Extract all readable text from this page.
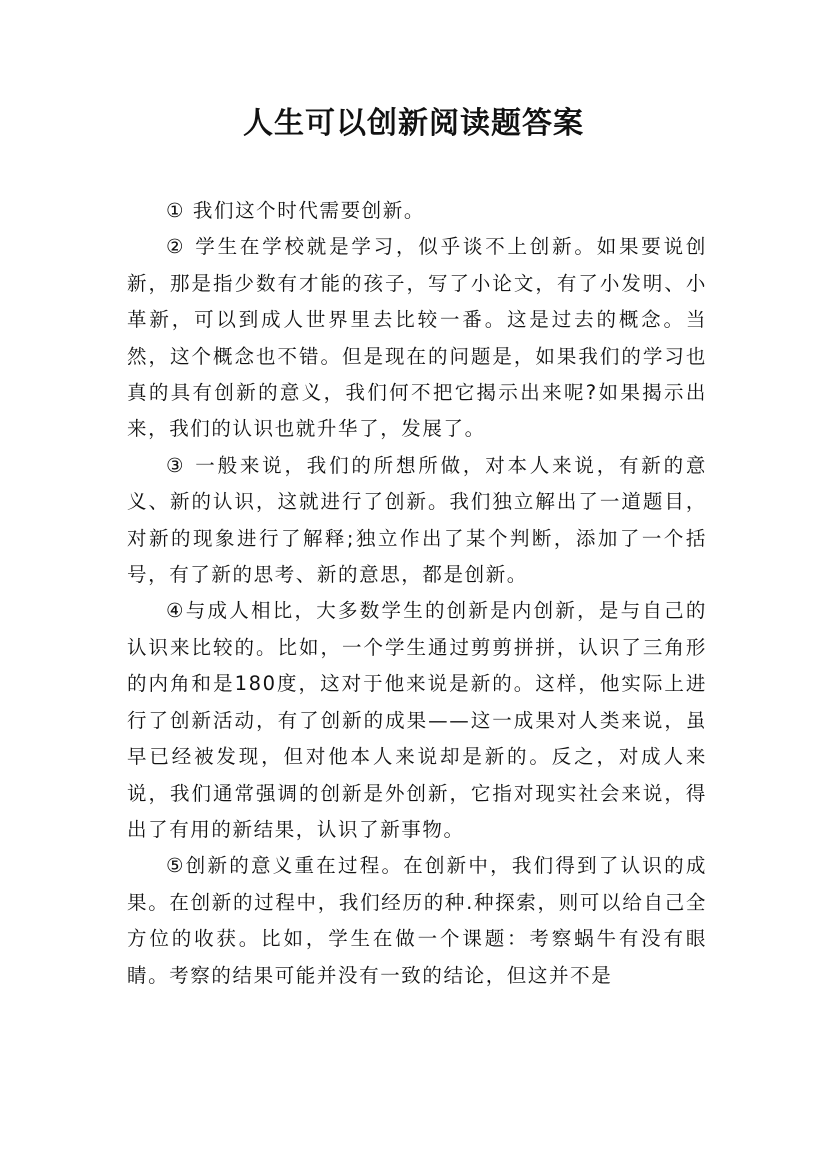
人生可以创新阅读题答案

① 我们这个时代需要创新。

② 学生在学校就是学习，似乎谈不上创新。如果要说创新，那是指少数有才能的孩子，写了小论文，有了小发明、小革新，可以到成人世界里去比较一番。这是过去的概念。当然，这个概念也不错。但是现在的问题是，如果我们的学习也真的具有创新的意义，我们何不把它揭示出来呢?如果揭示出来，我们的认识也就升华了，发展了。

③ 一般来说，我们的所想所做，对本人来说，有新的意义、新的认识，这就进行了创新。我们独立解出了一道题目，对新的现象进行了解释;独立作出了某个判断，添加了一个括号，有了新的思考、新的意思，都是创新。

④与成人相比，大多数学生的创新是内创新，是与自己的认识来比较的。比如，一个学生通过剪剪拼拼，认识了三角形的内角和是180度，这对于他来说是新的。这样，他实际上进行了创新活动，有了创新的成果——这一成果对人类来说，虽早已经被发现，但对他本人来说却是新的。反之，对成人来说，我们通常强调的创新是外创新，它指对现实社会来说，得出了有用的新结果，认识了新事物。

⑤创新的意义重在过程。在创新中，我们得到了认识的成果。在创新的过程中，我们经历的种.种探索，则可以给自己全方位的收获。比如，学生在做一个课题：考察蜗牛有没有眼睛。考察的结果可能并没有一致的结论，但这并不是
